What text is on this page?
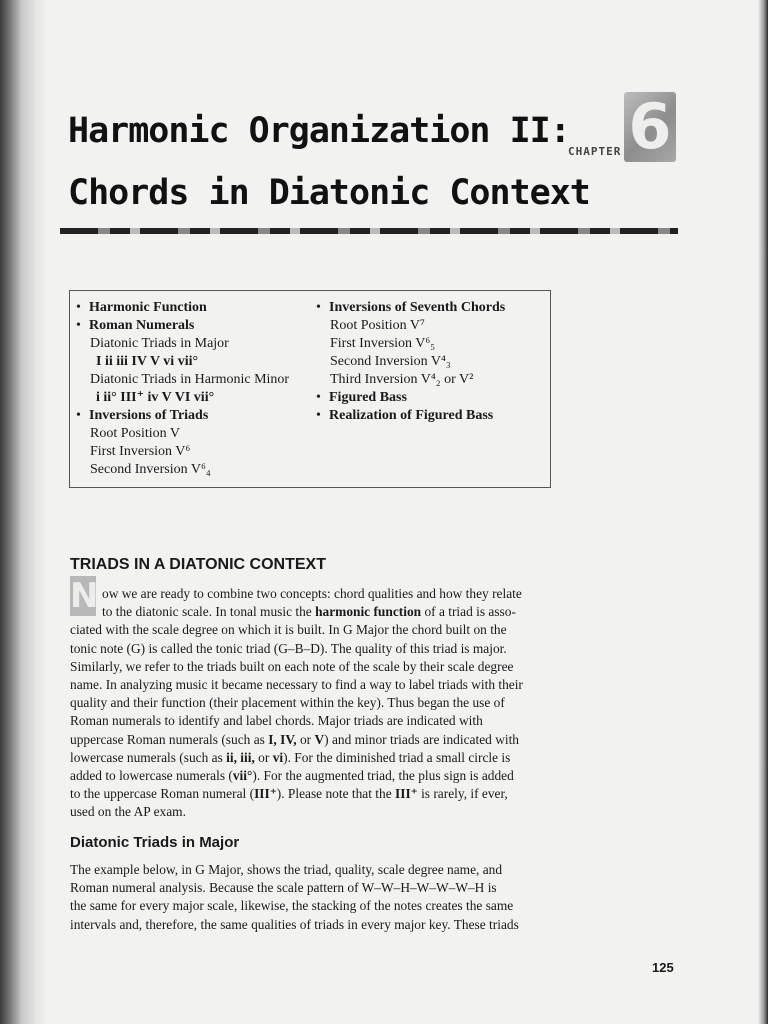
Harmonic Organization II:
Chords in Diatonic Context
CHAPTER 6
• Harmonic Function
• Roman Numerals
Diatonic Triads in Major
I ii iii IV V vi vii°
Diatonic Triads in Harmonic Minor
i ii° III⁺ iv V VI vii°
• Inversions of Triads
Root Position V
First Inversion V⁶
Second Inversion V⁶₄
• Inversions of Seventh Chords
Root Position V⁷
First Inversion V⁶₅
Second Inversion V⁴₃
Third Inversion V⁴₂ or V²
• Figured Bass
• Realization of Figured Bass
TRIADS IN A DIATONIC CONTEXT
N ow we are ready to combine two concepts: chord qualities and how they relate
to the diatonic scale. In tonal music the harmonic function of a triad is asso-
ciated with the scale degree on which it is built. In G Major the chord built on the
tonic note (G) is called the tonic triad (G–B–D). The quality of this triad is major.
Similarly, we refer to the triads built on each note of the scale by their scale degree
name. In analyzing music it became necessary to find a way to label triads with their
quality and their function (their placement within the key). Thus began the use of
Roman numerals to identify and label chords. Major triads are indicated with
uppercase Roman numerals (such as I, IV, or V) and minor triads are indicated with
lowercase numerals (such as ii, iii, or vi). For the diminished triad a small circle is
added to lowercase numerals (vii°). For the augmented triad, the plus sign is added
to the uppercase Roman numeral (III⁺). Please note that the III⁺ is rarely, if ever,
used on the AP exam.

Diatonic Triads in Major

The example below, in G Major, shows the triad, quality, scale degree name, and
Roman numeral analysis. Because the scale pattern of W–W–H–W–W–W–H is
the same for every major scale, likewise, the stacking of the notes creates the same
intervals and, therefore, the same qualities of triads in every major key. These triads

125
